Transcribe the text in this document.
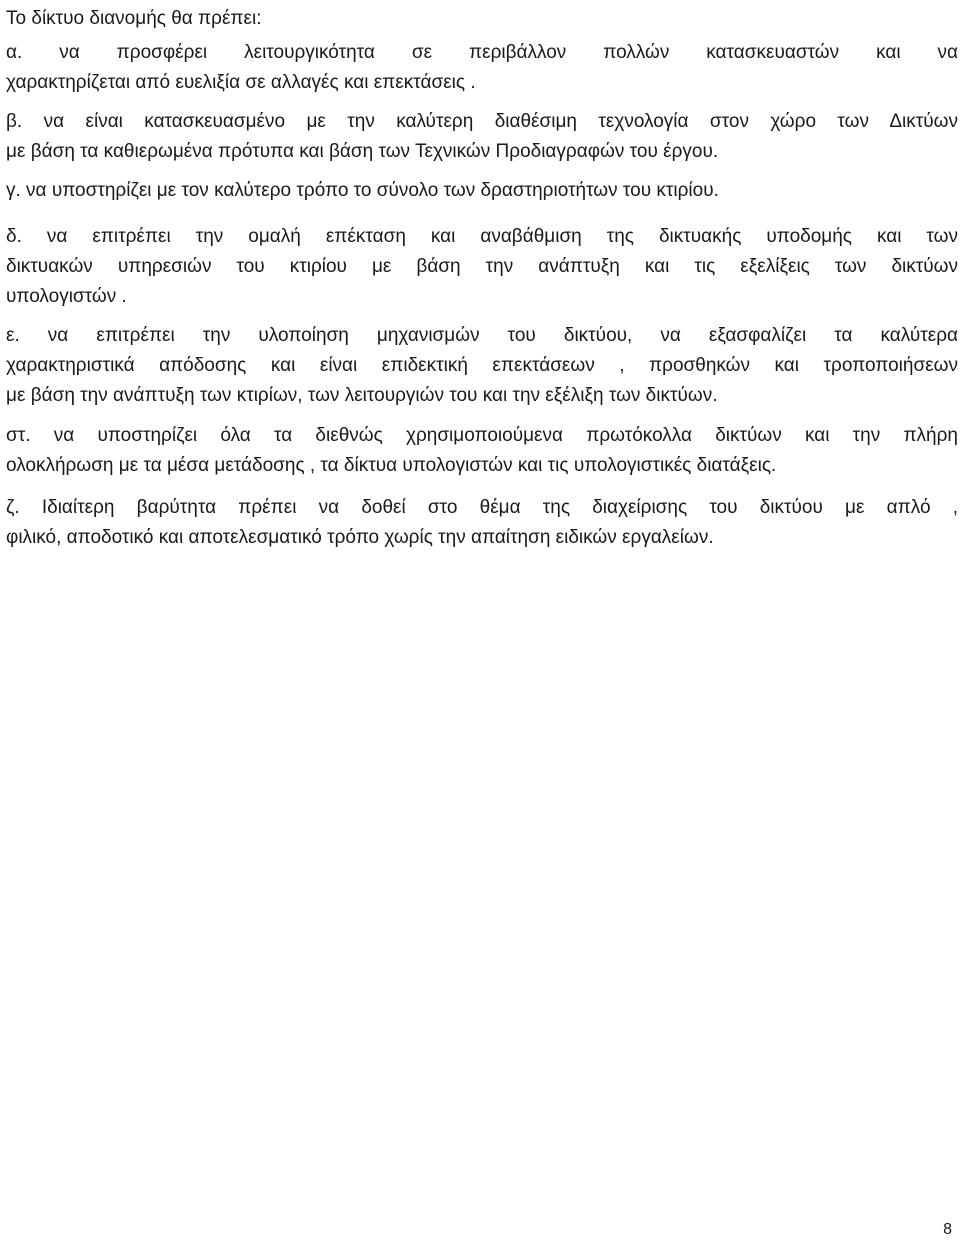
Το δίκτυο διανομής θα πρέπει:
α. να προσφέρει λειτουργικότητα σε περιβάλλον πολλών κατασκευαστών και να
χαρακτηρίζεται από ευελιξία σε αλλαγές και επεκτάσεις .
β. να είναι κατασκευασμένο με την καλύτερη διαθέσιμη τεχνολογία στον χώρο των Δικτύων
με βάση τα καθιερωμένα πρότυπα και βάση των Τεχνικών Προδιαγραφών του έργου.
γ. να υποστηρίζει με τον καλύτερο τρόπο το σύνολο των δραστηριοτήτων του κτιρίου.
δ. να επιτρέπει την ομαλή επέκταση και αναβάθμιση της δικτυακής υποδομής και των
δικτυακών υπηρεσιών του κτιρίου με βάση την ανάπτυξη και τις εξελίξεις των δικτύων
υπολογιστών .
ε. να επιτρέπει την υλοποίηση μηχανισμών του δικτύου, να εξασφαλίζει τα καλύτερα
χαρακτηριστικά απόδοσης και είναι επιδεκτική επεκτάσεων , προσθηκών και τροποποιήσεων
με βάση την ανάπτυξη των κτιρίων, των λειτουργιών του και την εξέλιξη των δικτύων.
στ. να υποστηρίζει όλα τα διεθνώς χρησιμοποιούμενα πρωτόκολλα δικτύων και την πλήρη
ολοκλήρωση με τα μέσα μετάδοσης , τα δίκτυα υπολογιστών και τις υπολογιστικές διατάξεις.
ζ. Ιδιαίτερη βαρύτητα πρέπει να δοθεί στο θέμα της διαχείρισης του δικτύου με απλό ,
φιλικό, αποδοτικό και αποτελεσματικό τρόπο χωρίς την απαίτηση ειδικών εργαλείων.
8
